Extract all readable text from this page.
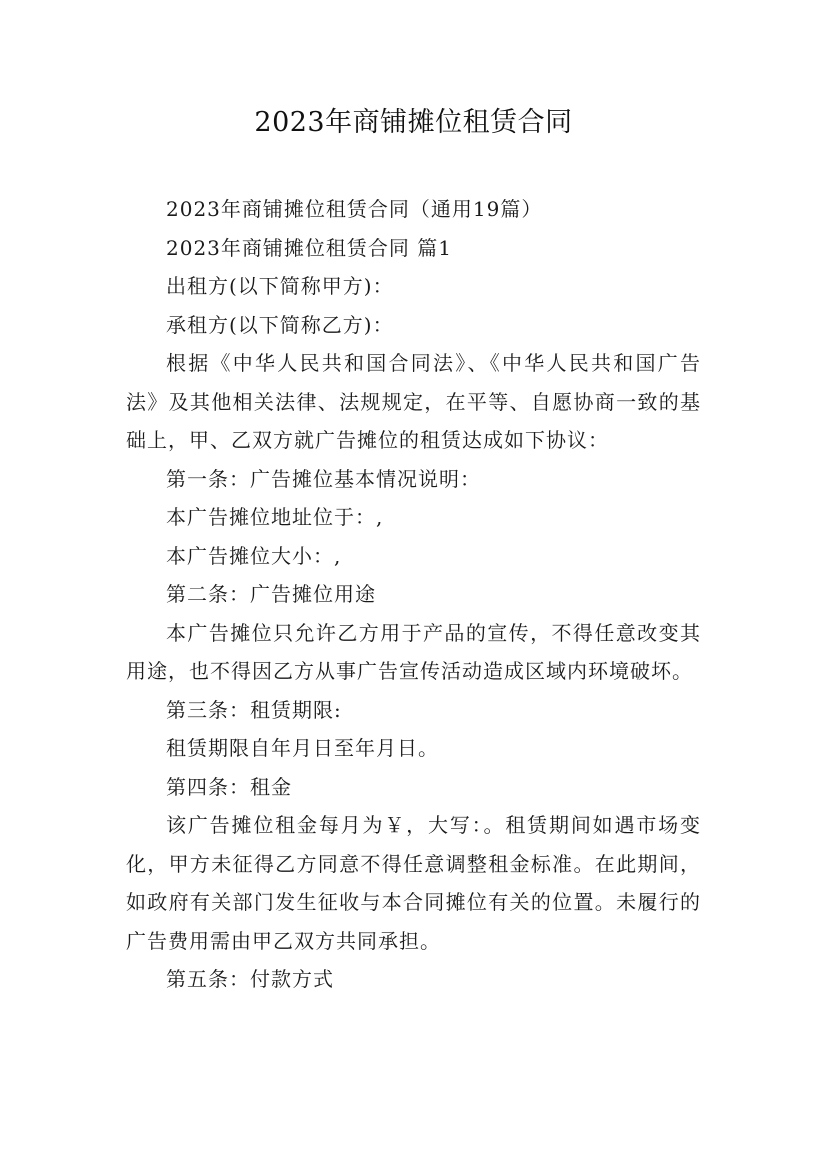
2023年商铺摊位租赁合同

2023年商铺摊位租赁合同（通用19篇）

2023年商铺摊位租赁合同 篇1

出租方(以下简称甲方)：

承租方(以下简称乙方)：

根据《中华人民共和国合同法》、《中华人民共和国广告法》及其他相关法律、法规规定，在平等、自愿协商一致的基础上，甲、乙双方就广告摊位的租赁达成如下协议：

第一条：广告摊位基本情况说明：

本广告摊位地址位于：,

本广告摊位大小：,

第二条：广告摊位用途

本广告摊位只允许乙方用于产品的宣传，不得任意改变其用途，也不得因乙方从事广告宣传活动造成区域内环境破坏。

第三条：租赁期限:

租赁期限自年月日至年月日。

第四条：租金

该广告摊位租金每月为￥，大写：。租赁期间如遇市场变化，甲方未征得乙方同意不得任意调整租金标准。在此期间，如政府有关部门发生征收与本合同摊位有关的位置。未履行的广告费用需由甲乙双方共同承担。

第五条：付款方式
